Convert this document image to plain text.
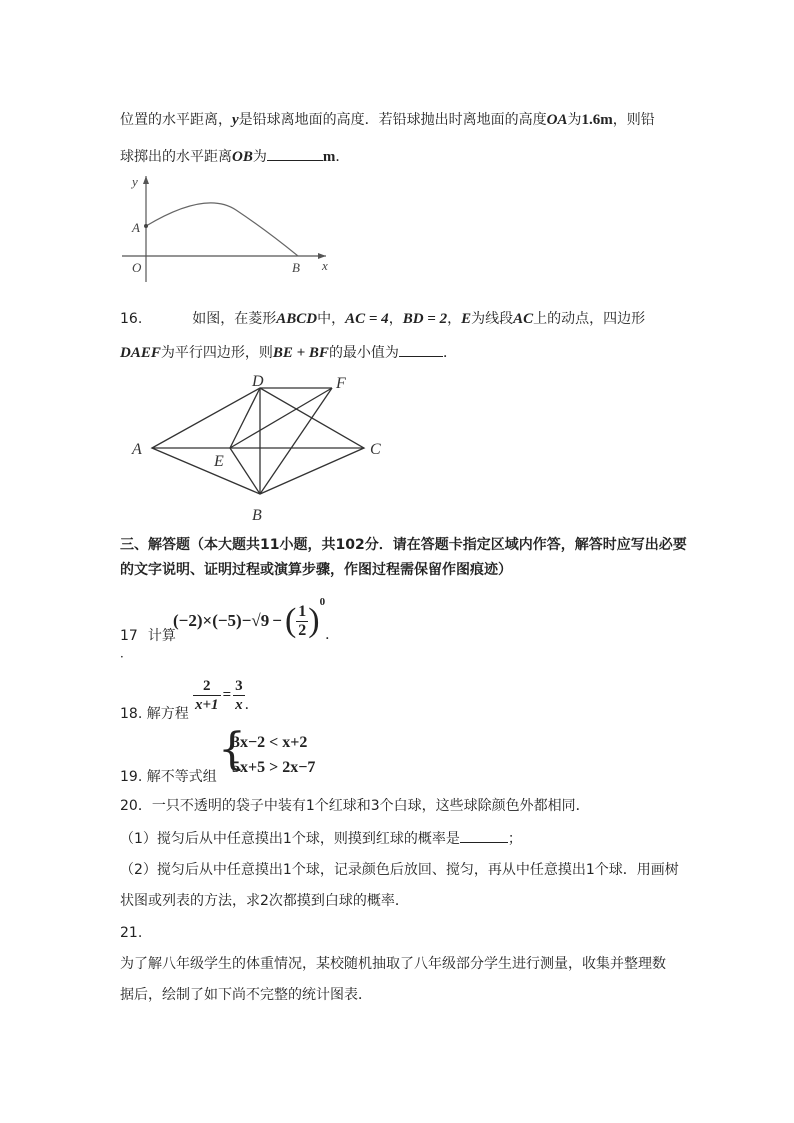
位置的水平距离，y是铅球离地面的高度．若铅球抛出时离地面的高度OA为1.6m，则铅
球掷出的水平距离OB为	m．
y
x
A
O	B
16.	如图，在菱形ABCD中，AC = 4，BD = 2，E为线段AC上的动点，四边形
DAEF为平行四边形，则BE + BF的最小值为	．
A
B
C
D
E
F
三、解答题（本大题共11小题，共102分．请在答题卡指定区域内作答，解答时应写出必要
的文字说明、证明过程或演算步骤，作图过程需保留作图痕迹）
17 计算
．
(−2)×(−5)− √9 − ( $\frac{1}{2} )^0$
．
18. 解方程 $\frac{2}{x+1} = \frac{3}{x}$ ．
19. 解不等式组
{
3x−2 < x+2
5x+5 > 2x−7
20．一只不透明的袋子中装有1个红球和3个白球，这些球除颜色外都相同．
（1）搅匀后从中任意摸出1个球，则摸到红球的概率是	；
（2）搅匀后从中任意摸出1个球，记录颜色后放回、搅匀，再从中任意摸出1个球．用画树
状图或列表的方法，求2次都摸到白球的概率．
21.
为了解八年级学生的体重情况，某校随机抽取了八年级部分学生进行测量，收集并整理数
据后，绘制了如下尚不完整的统计图表．
